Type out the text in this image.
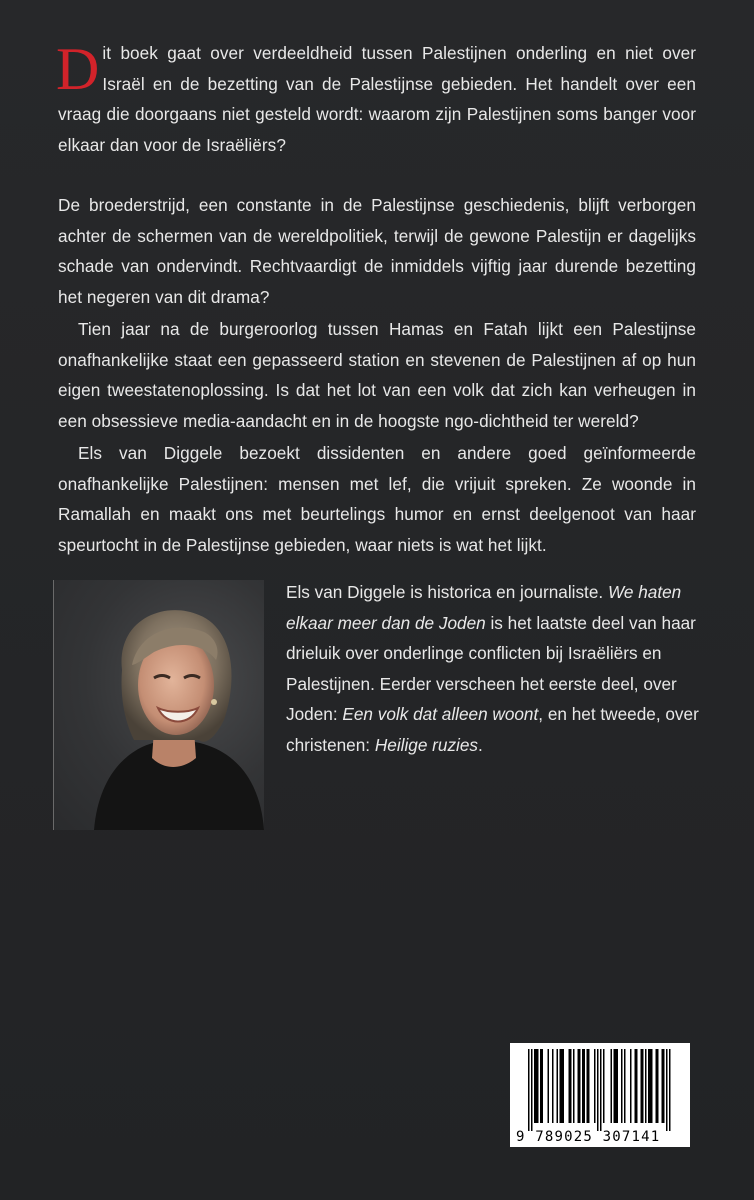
Dit boek gaat over verdeeldheid tussen Palestijnen onderling en niet over Israël en de bezetting van de Palestijnse gebieden. Het handelt over een vraag die doorgaans niet gesteld wordt: waarom zijn Palestijnen soms banger voor elkaar dan voor de Israëliërs?

De broederstrijd, een constante in de Palestijnse geschiedenis, blijft verborgen achter de schermen van de wereldpolitiek, terwijl de gewone Palestijn er dagelijks schade van ondervindt. Rechtvaardigt de inmiddels vijftig jaar durende bezetting het negeren van dit drama?

Tien jaar na de burgeroorlog tussen Hamas en Fatah lijkt een Palestijnse onafhankelijke staat een gepasseerd station en stevenen de Palestijnen af op hun eigen tweestatenoplossing. Is dat het lot van een volk dat zich kan verheugen in een obsessieve media-aandacht en in de hoogste ngo-dichtheid ter wereld?

Els van Diggele bezoekt dissidenten en andere goed geïnformeerde onafhankelijke Palestijnen: mensen met lef, die vrijuit spreken. Ze woonde in Ramallah en maakt ons met beurtelings humor en ernst deelgenoot van haar speurtocht in de Palestijnse gebieden, waar niets is wat het lijkt.

Els van Diggele is historica en journaliste. We haten elkaar meer dan de Joden is het laatste deel van haar drieluik over onderlinge conflicten bij Israëliërs en Palestijnen. Eerder verscheen het eerste deel, over Joden: Een volk dat alleen woont, en het tweede, over christenen: Heilige ruzies.

9 789025 307141
